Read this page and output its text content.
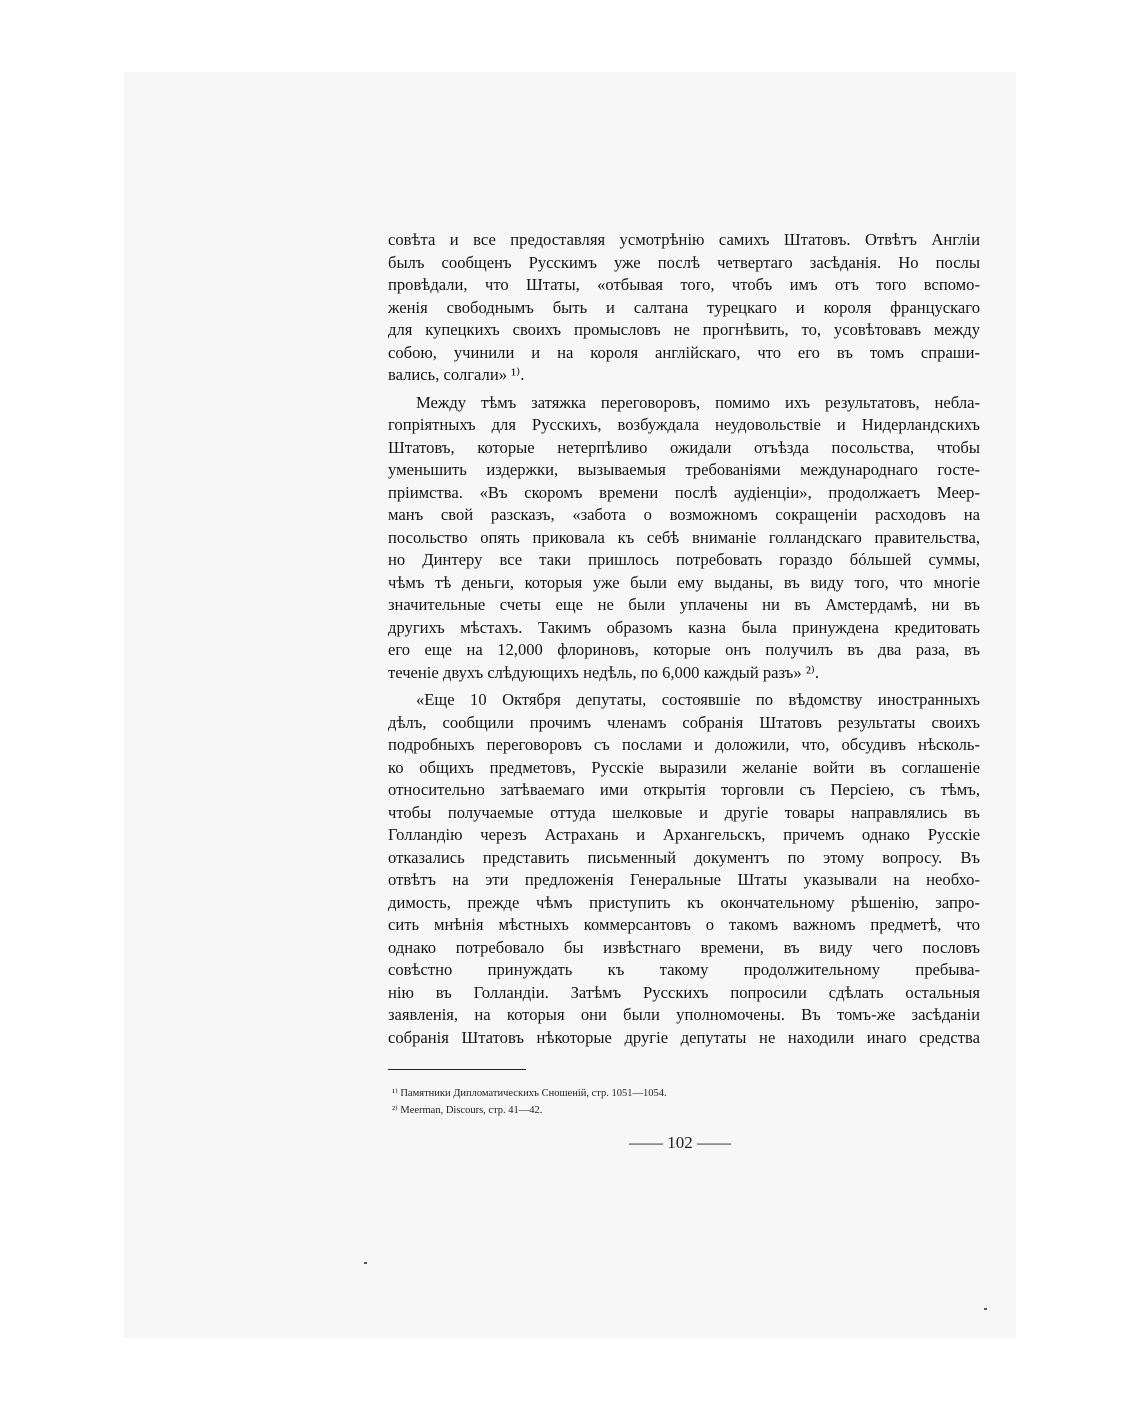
совѣта и все предоставляя усмотрѣнію самихъ Штатовъ. Отвѣтъ Англіи
былъ сообщенъ Русскимъ уже послѣ четвертаго засѣданія. Но послы
провѣдали, что Штаты, «отбывая того, чтобъ имъ отъ того вспомо-
женія свободнымъ быть и салтана турецкаго и короля францускаго
для купецкихъ своихъ промысловъ не прогнѣвить, то, усовѣтовавъ между
собою, учинили и на короля англійскаго, что его въ томъ спраши-
вались, солгали» ¹⁾.
Между тѣмъ затяжка переговоровъ, помимо ихъ результатовъ, небла-
гопріятныхъ для Русскихъ, возбуждала неудовольствіе и Нидерландскихъ
Штатовъ, которые нетерпѣливо ожидали отъѣзда посольства, чтобы
уменьшить издержки, вызываемыя требованіями международнаго госте-
пріимства. «Въ скоромъ времени послѣ аудіенціи», продолжаетъ Меер-
манъ свой разсказъ, «забота о возможномъ сокращеніи расходовъ на
посольство опять приковала къ себѣ вниманіе голландскаго правительства,
но Динтеру все таки пришлось потребовать гораздо бóльшей суммы,
чѣмъ тѣ деньги, которыя уже были ему выданы, въ виду того, что многіе
значительные счеты еще не были уплачены ни въ Амстердамѣ, ни въ
другихъ мѣстахъ. Такимъ образомъ казна была принуждена кредитовать
его еще на 12,000 флориновъ, которые онъ получилъ въ два раза, въ
теченіе двухъ слѣдующихъ недѣль, по 6,000 каждый разъ» ²⁾.
«Еще 10 Октября депутаты, состоявшіе по вѣдомству иностранныхъ
дѣлъ, сообщили прочимъ членамъ собранія Штатовъ результаты своихъ
подробныхъ переговоровъ съ послами и доложили, что, обсудивъ нѣсколь-
ко общихъ предметовъ, Русскіе выразили желаніе войти въ соглашеніе
относительно затѣваемаго ими открытія торговли съ Персіею, съ тѣмъ,
чтобы получаемые оттуда шелковые и другіе товары направлялись въ
Голландію черезъ Астрахань и Архангельскъ, причемъ однако Русскіе
отказались представить письменный документъ по этому вопросу. Въ
отвѣтъ на эти предложенія Генеральные Штаты указывали на необхо-
димость, прежде чѣмъ приступить къ окончательному рѣшенію, запро-
сить мнѣнія мѣстныхъ коммерсантовъ о такомъ важномъ предметѣ, что
однако потребовало бы извѣстнаго времени, въ виду чего пословъ
совѣстно принуждать къ такому продолжительному пребыва-
нію въ Голландіи. Затѣмъ Русскихъ попросили сдѣлать остальныя
заявленія, на которыя они были уполномочены. Въ томъ-же засѣданіи
собранія Штатовъ нѣкоторые другіе депутаты не находили инаго средства
¹⁾ Памятники Дипломатическихъ Сношеній, стр. 1051—1054.
²⁾ Meerman, Discours, стр. 41—42.
—— 102 ——
